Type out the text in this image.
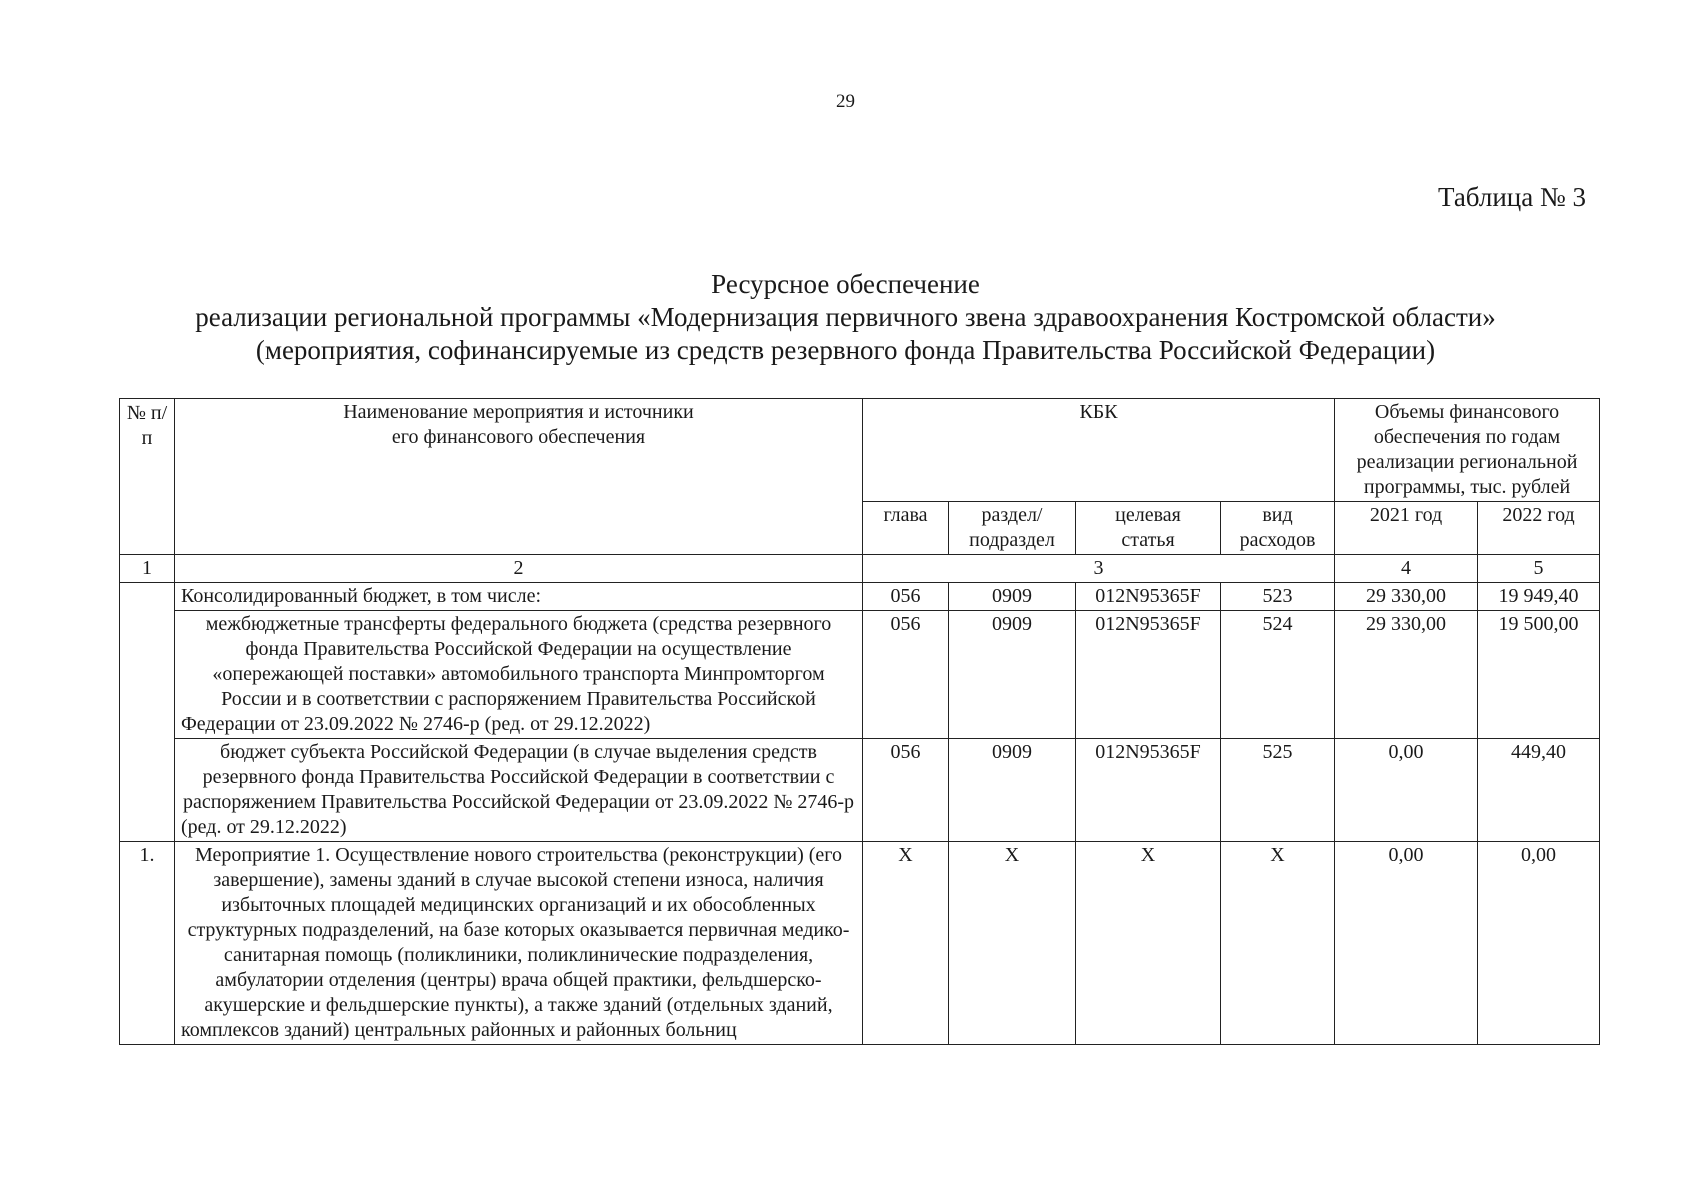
29
Таблица № 3
Ресурсное обеспечение
реализации региональной программы «Модернизация первичного звена здравоохранения Костромской области»
(мероприятия, софинансируемые из средств резервного фонда Правительства Российской Федерации)
№ п/п	Наименование мероприятия и источники его финансового обеспечения	КБК				Объемы финансового обеспечения по годам реализации региональной программы, тыс. рублей	
		глава	раздел/ подраздел	целевая статья	вид расходов	2021 год	2022 год
1	2	3				4	5
	Консолидированный бюджет, в том числе:	056	0909	012N95365F	523	29 330,00	19 949,40
	межбюджетные трансферты федерального бюджета (средства резервного фонда Правительства Российской Федерации на осуществление «опережающей поставки» автомобильного транспорта Минпромторгом России и в соответствии с распоряжением Правительства Российской Федерации от 23.09.2022 № 2746-р (ред. от 29.12.2022)	056	0909	012N95365F	524	29 330,00	19 500,00
	бюджет субъекта Российской Федерации (в случае выделения средств резервного фонда Правительства Российской Федерации в соответствии с распоряжением Правительства Российской Федерации от 23.09.2022 № 2746-р (ред. от 29.12.2022)	056	0909	012N95365F	525	0,00	449,40
1.	Мероприятие 1. Осуществление нового строительства (реконструкции) (его завершение), замены зданий в случае высокой степени износа, наличия избыточных площадей медицинских организаций и их обособленных структурных подразделений, на базе которых оказывается первичная медико-санитарная помощь (поликлиники, поликлинические подразделения, амбулатории отделения (центры) врача общей практики, фельдшерско-акушерские и фельдшерские пункты), а также зданий (отдельных зданий, комплексов зданий) центральных районных и районных больниц	Х	Х	Х	Х	0,00	0,00
